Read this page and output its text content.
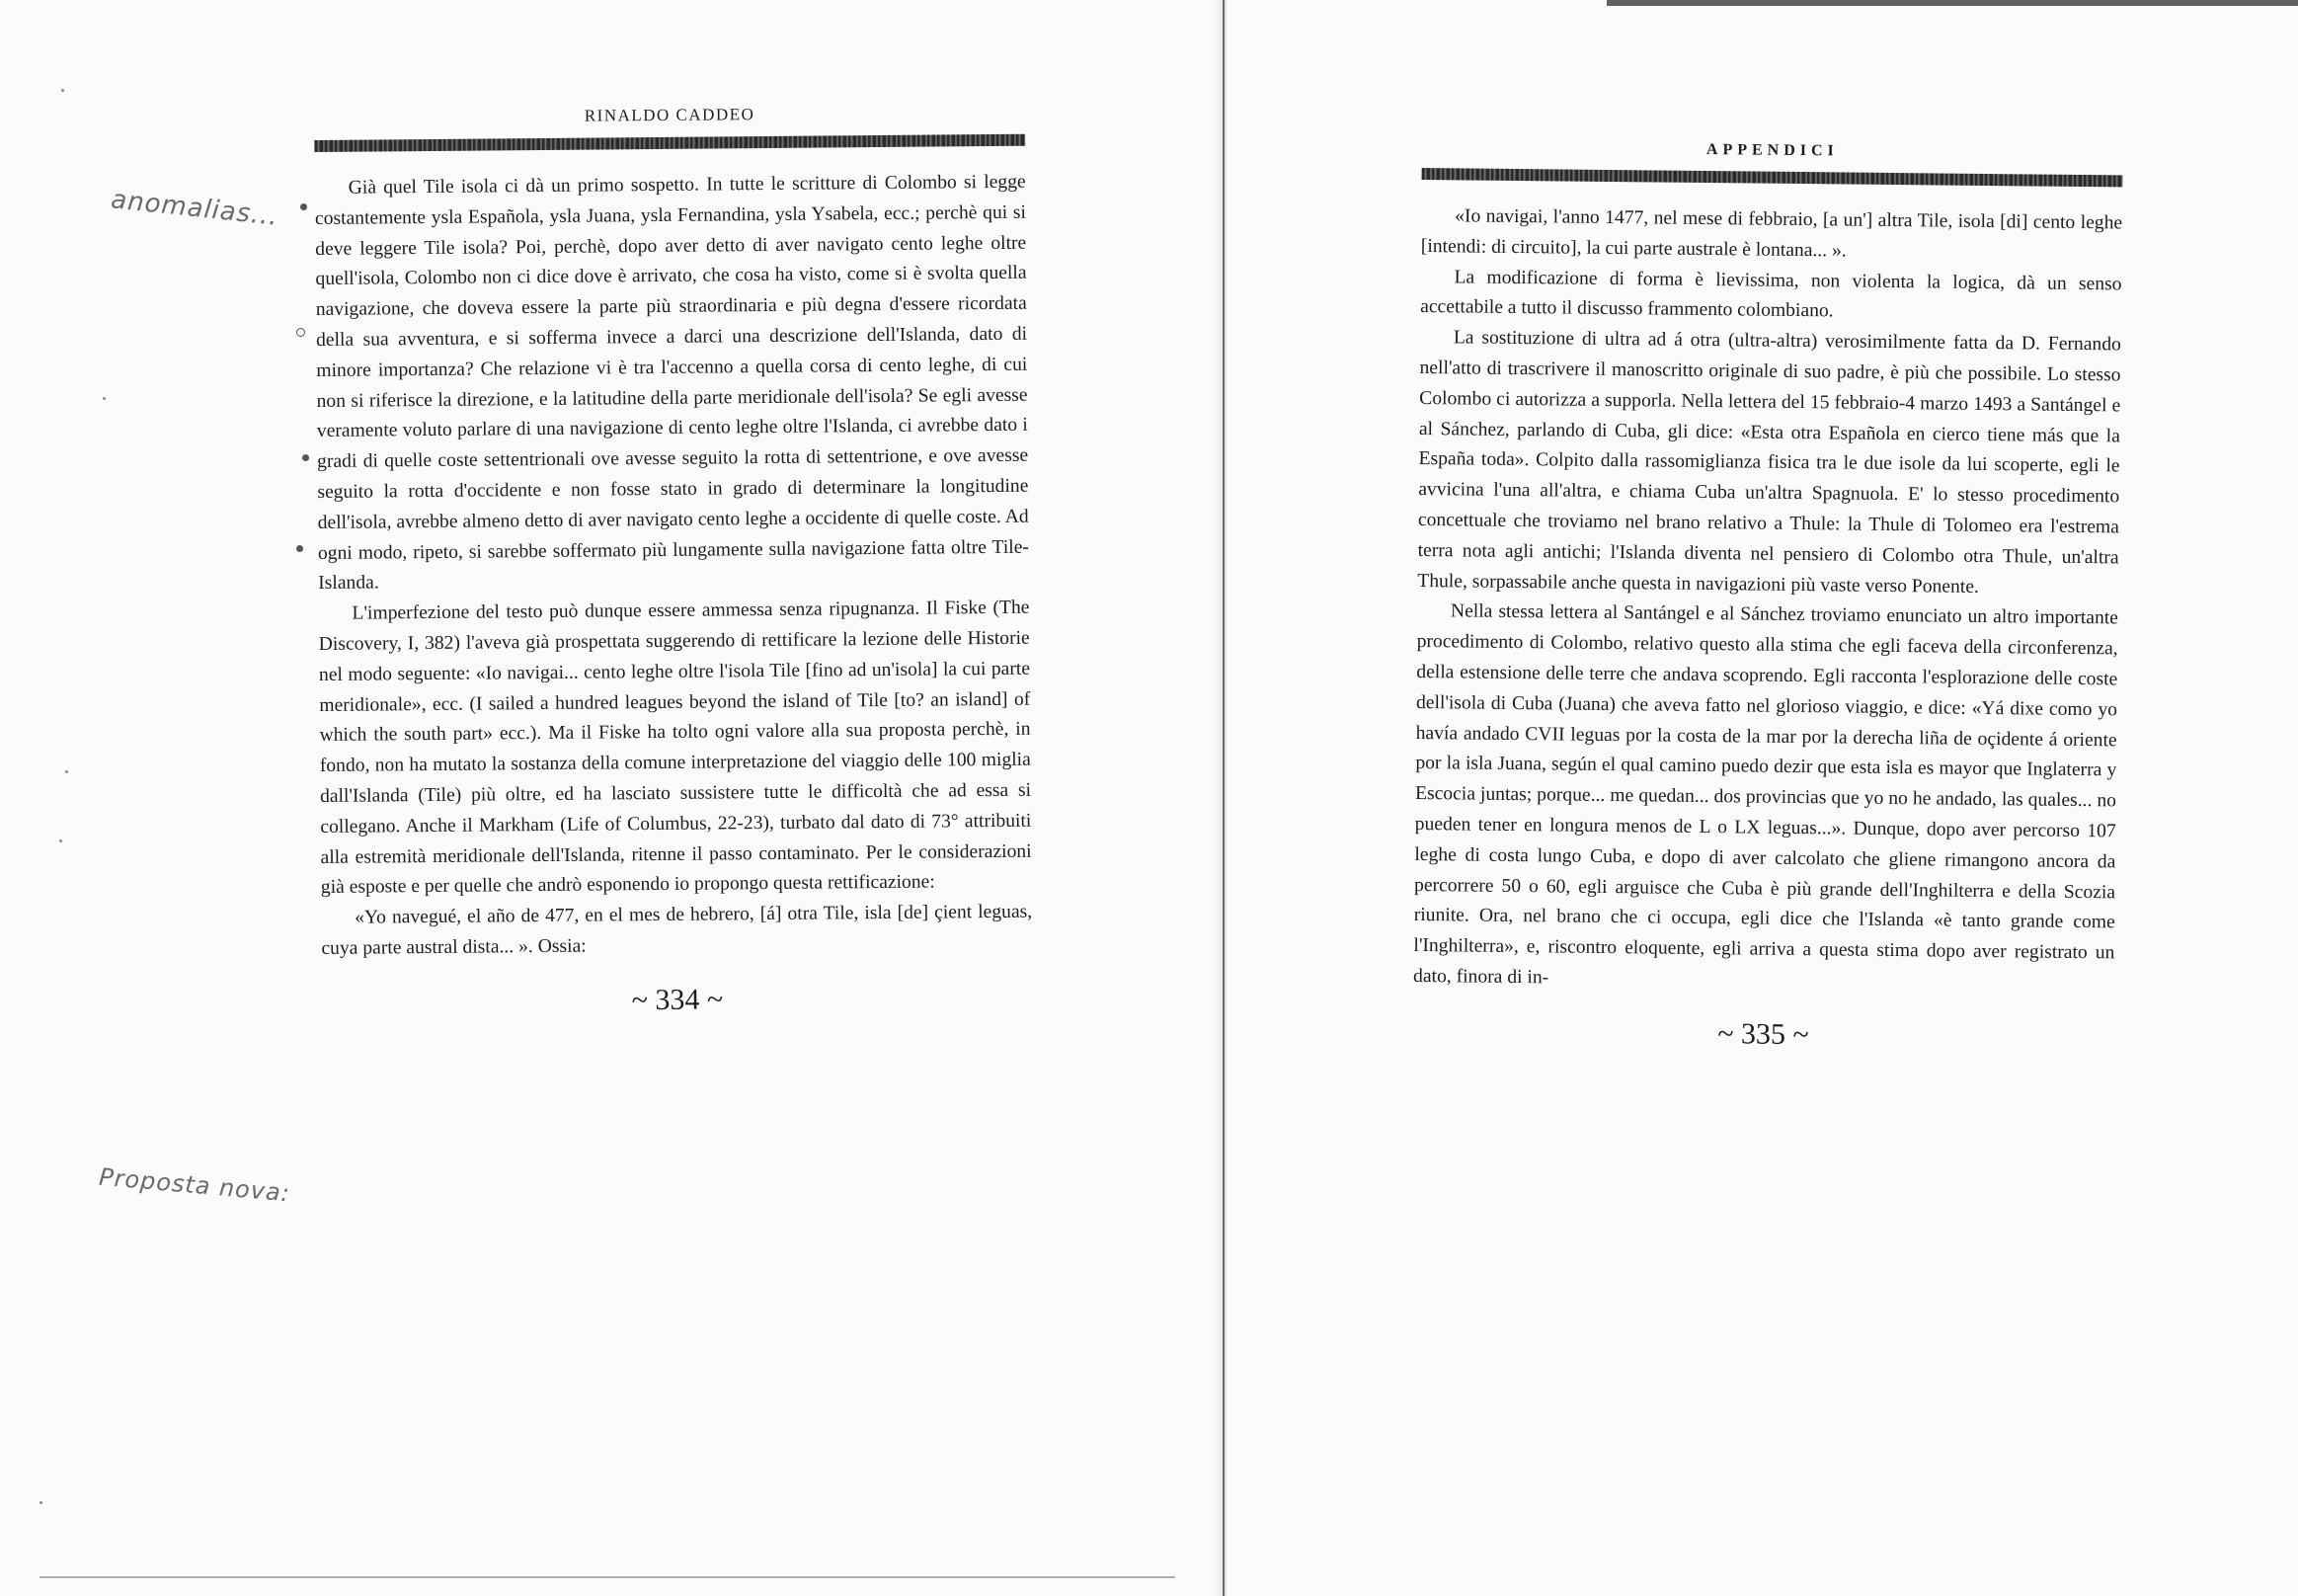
anomalias...
Proposta nova:
RINALDO CADDEO

Già quel Tile isola ci dà un primo sospetto. In tutte le scritture di Colombo si legge costantemente ysla Española, ysla Juana, ysla Fernandina, ysla Ysabela, ecc.; perchè qui si deve leggere Tile isola? Poi, perchè, dopo aver detto di aver navigato cento leghe oltre quell'isola, Colombo non ci dice dove è arrivato, che cosa ha visto, come si è svolta quella navigazione, che doveva essere la parte più straordinaria e più degna d'essere ricordata della sua avventura, e si sofferma invece a darci una descrizione dell'Islanda, dato di minore importanza? Che relazione vi è tra l'accenno a quella corsa di cento leghe, di cui non si riferisce la direzione, e la latitudine della parte meridionale dell'isola? Se egli avesse veramente voluto parlare di una navigazione di cento leghe oltre l'Islanda, ci avrebbe dato i gradi di quelle coste settentrionali ove avesse seguito la rotta di settentrione, e ove avesse seguito la rotta d'occidente e non fosse stato in grado di determinare la longitudine dell'isola, avrebbe almeno detto di aver navigato cento leghe a occidente di quelle coste. Ad ogni modo, ripeto, si sarebbe soffermato più lungamente sulla navigazione fatta oltre Tile-Islanda.

L'imperfezione del testo può dunque essere ammessa senza ripugnanza. Il Fiske (The Discovery, I, 382) l'aveva già prospettata suggerendo di rettificare la lezione delle Historie nel modo seguente: «Io navigai... cento leghe oltre l'isola Tile [fino ad un'isola] la cui parte meridionale», ecc. (I sailed a hundred leagues beyond the island of Tile [to? an island] of which the south part» ecc.). Ma il Fiske ha tolto ogni valore alla sua proposta perchè, in fondo, non ha mutato la sostanza della comune interpretazione del viaggio delle 100 miglia dall'Islanda (Tile) più oltre, ed ha lasciato sussistere tutte le difficoltà che ad essa si collegano. Anche il Markham (Life of Columbus, 22-23), turbato dal dato di 73° attribuiti alla estremità meridionale dell'Islanda, ritenne il passo contaminato. Per le considerazioni già esposte e per quelle che andrò esponendo io propongo questa rettificazione:

«Yo navegué, el año de 477, en el mes de hebrero, [á] otra Tile, isla [de] çient leguas, cuya parte austral dista... ». Ossia:

~ 334 ~
APPENDICI

«Io navigai, l'anno 1477, nel mese di febbraio, [a un'] altra Tile, isola [di] cento leghe [intendi: di circuito], la cui parte australe è lontana... ».

La modificazione di forma è lievissima, non violenta la logica, dà un senso accettabile a tutto il discusso frammento colombiano.

La sostituzione di ultra ad á otra (ultra-altra) verosimilmente fatta da D. Fernando nell'atto di trascrivere il manoscritto originale di suo padre, è più che possibile. Lo stesso Colombo ci autorizza a supporla. Nella lettera del 15 febbraio-4 marzo 1493 a Santángel e al Sánchez, parlando di Cuba, gli dice: «Esta otra Española en cierco tiene más que la España toda». Colpito dalla rassomiglianza fisica tra le due isole da lui scoperte, egli le avvicina l'una all'altra, e chiama Cuba un'altra Spagnuola. E' lo stesso procedimento concettuale che troviamo nel brano relativo a Thule: la Thule di Tolomeo era l'estrema terra nota agli antichi; l'Islanda diventa nel pensiero di Colombo otra Thule, un'altra Thule, sorpassabile anche questa in navigazioni più vaste verso Ponente.

Nella stessa lettera al Santángel e al Sánchez troviamo enunciato un altro importante procedimento di Colombo, relativo questo alla stima che egli faceva della circonferenza, della estensione delle terre che andava scoprendo. Egli racconta l'esplorazione delle coste dell'isola di Cuba (Juana) che aveva fatto nel glorioso viaggio, e dice: «Yá dixe como yo havía andado CVII leguas por la costa de la mar por la derecha liña de oçidente á oriente por la isla Juana, según el qual camino puedo dezir que esta isla es mayor que Inglaterra y Escocia juntas; porque... me quedan... dos provincias que yo no he andado, las quales... no pueden tener en longura menos de L o LX leguas...». Dunque, dopo aver percorso 107 leghe di costa lungo Cuba, e dopo di aver calcolato che gliene rimangono ancora da percorrere 50 o 60, egli arguisce che Cuba è più grande dell'Inghilterra e della Scozia riunite. Ora, nel brano che ci occupa, egli dice che l'Islanda «è tanto grande come l'Inghilterra», e, riscontro eloquente, egli arriva a questa stima dopo aver registrato un dato, finora di in-

~ 335 ~
